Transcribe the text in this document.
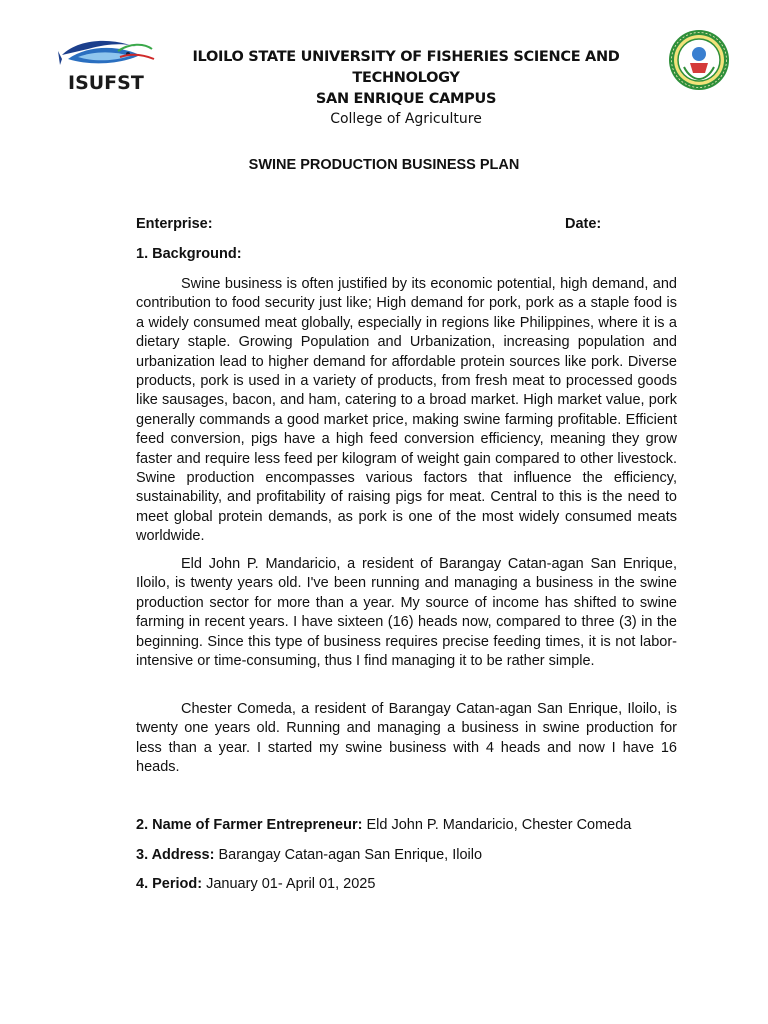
ISUFST
ILOILO STATE UNIVERSITY OF FISHERIES SCIENCE AND TECHNOLOGY
SAN ENRIQUE CAMPUS
College of Agriculture
SWINE PRODUCTION BUSINESS PLAN
Enterprise:	Date:
1. Background:

Swine business is often justified by its economic potential, high demand, and contribution to food security just like; High demand for pork, pork as a staple food is a widely consumed meat globally, especially in regions like Philippines, where it is a dietary staple. Growing Population and Urbanization, increasing population and urbanization lead to higher demand for affordable protein sources like pork. Diverse products, pork is used in a variety of products, from fresh meat to processed goods like sausages, bacon, and ham, catering to a broad market. High market value, pork generally commands a good market price, making swine farming profitable. Efficient feed conversion, pigs have a high feed conversion efficiency, meaning they grow faster and require less feed per kilogram of weight gain compared to other livestock. Swine production encompasses various factors that influence the efficiency, sustainability, and profitability of raising pigs for meat. Central to this is the need to meet global protein demands, as pork is one of the most widely consumed meats worldwide.

Eld John P. Mandaricio, a resident of Barangay Catan-agan San Enrique, Iloilo, is twenty years old. I've been running and managing a business in the swine production sector for more than a year. My source of income has shifted to swine farming in recent years. I have sixteen (16) heads now, compared to three (3) in the beginning. Since this type of business requires precise feeding times, it is not labor-intensive or time-consuming, thus I find managing it to be rather simple.

Chester Comeda, a resident of Barangay Catan-agan San Enrique, Iloilo, is twenty one years old. Running and managing a business in swine production for less than a year. I started my swine business with 4 heads and now I have 16 heads.

2. Name of Farmer Entrepreneur: Eld John P. Mandaricio, Chester Comeda
3. Address: Barangay Catan-agan San Enrique, Iloilo
4. Period: January 01- April 01, 2025
